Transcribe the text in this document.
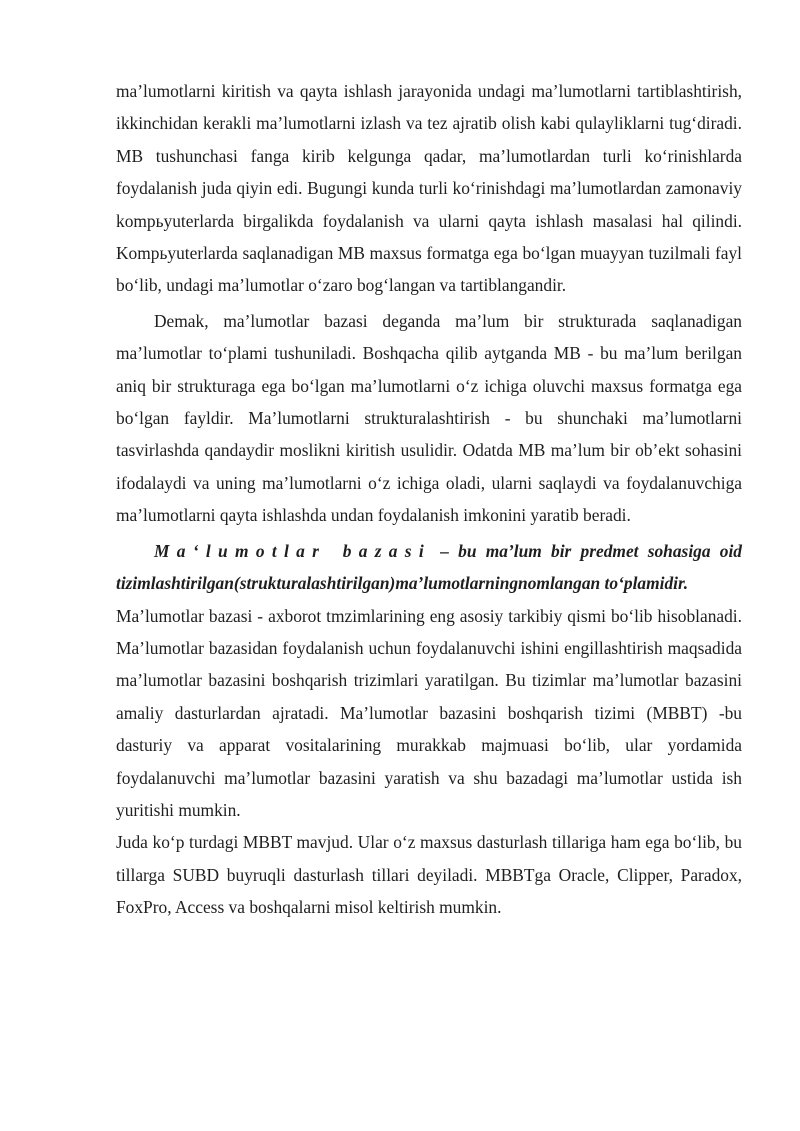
ma’lumotlarni kiritish va qayta ishlash jarayonida undagi ma’lumotlarni tartiblashtirish, ikkinchidan kerakli ma’lumotlarni izlash va tez ajratib olish kabi qulayliklarni tug‘diradi. MB tushunchasi fanga kirib kelgunga qadar, ma’lumotlardan turli ko‘rinishlarda foydalanish juda qiyin edi. Bugungi kunda turli ko‘rinishdagi ma’lumotlardan zamonaviy kompьyuterlarda birgalikda foydalanish va ularni qayta ishlash masalasi hal qilindi. Kompьyuterlarda saqlanadigan MB maxsus formatga ega bo‘lgan muayyan tuzilmali fayl bo‘lib, undagi ma’lumotlar o‘zaro bog‘langan va tartiblangandir.

Demak, ma’lumotlar bazasi deganda ma’lum bir strukturada saqlanadigan ma’lumotlar to‘plami tushuniladi. Boshqacha qilib aytganda MB - bu ma’lum berilgan aniq bir strukturaga ega bo‘lgan ma’lumotlarni o‘z ichiga oluvchi maxsus formatga ega bo‘lgan fayldir. Ma’lumotlarni strukturalashtirish - bu shunchaki ma’lumotlarni tasvirlashda qandaydir moslikni kiritish usulidir. Odatda MB ma’lum bir ob’ekt sohasini ifodalaydi va uning ma’lumotlarni o‘z ichiga oladi, ularni saqlaydi va foydalanuvchiga ma’lumotlarni qayta ishlashda undan foydalanish imkonini yaratib beradi.

Ma‘lumotlar bazasi – bu ma’lum bir predmet sohasiga oid tizimlashtirilgan(strukturalashtirilgan)ma’lumotlarningnomlangan to‘plamidir.

Ma’lumotlar bazasi - axborot tmzimlarining eng asosiy tarkibiy qismi bo‘lib hisoblanadi. Ma’lumotlar bazasidan foydalanish uchun foydalanuvchi ishini engillashtirish maqsadida ma’lumotlar bazasini boshqarish trizimlari yaratilgan. Bu tizimlar ma’lumotlar bazasini amaliy dasturlardan ajratadi. Ma’lumotlar bazasini boshqarish tizimi (MBBT) -bu dasturiy va apparat vositalarining murakkab majmuasi bo‘lib, ular yordamida foydalanuvchi ma’lumotlar bazasini yaratish va shu bazadagi ma’lumotlar ustida ish yuritishi mumkin.

Juda ko‘p turdagi MBBT mavjud. Ular o‘z maxsus dasturlash tillariga ham ega bo‘lib, bu tillarga SUBD buyruqli dasturlash tillari deyiladi. MBBTga Oracle, Clipper, Paradox, FoxPro, Access va boshqalarni misol keltirish mumkin.
